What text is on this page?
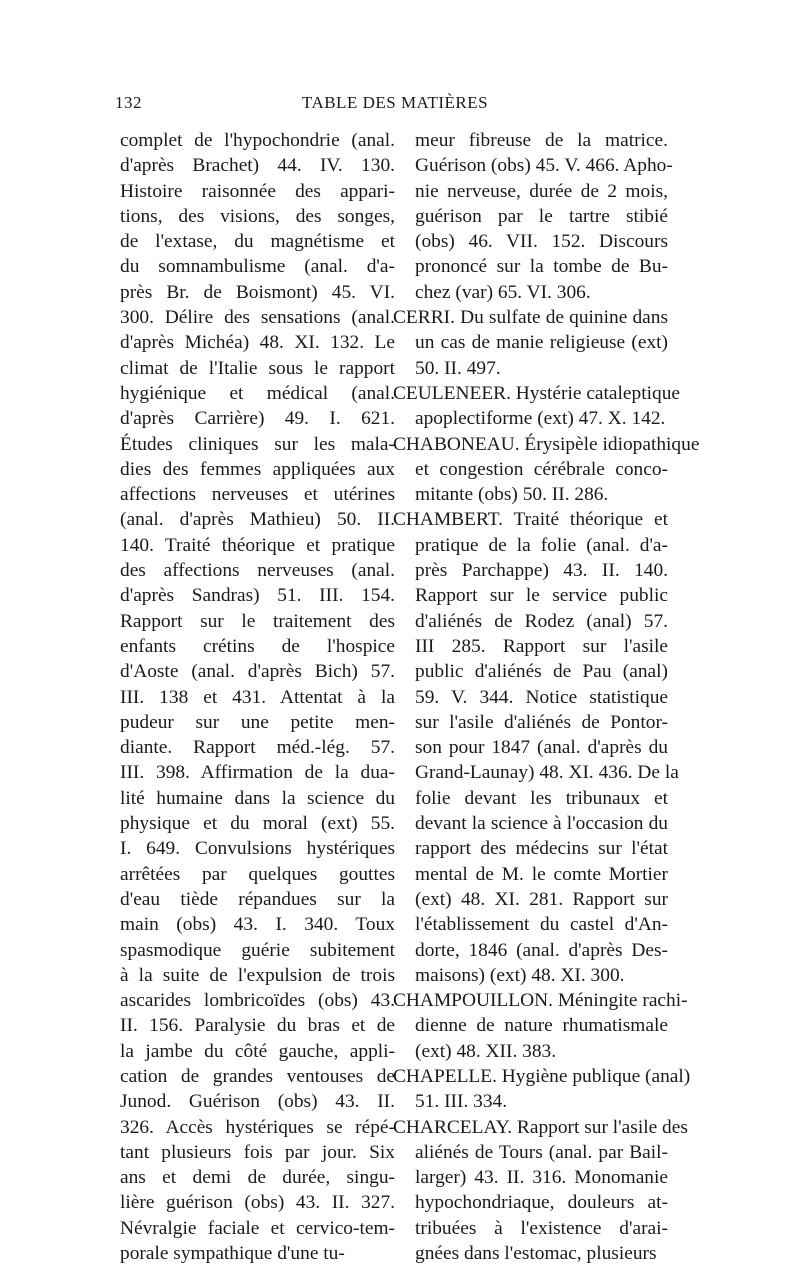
132	TABLE DES MATIÈRES
complet de l'hypochondrie (anal.
d'après Brachet) 44. IV. 130.
Histoire raisonnée des appari-
tions, des visions, des songes,
de l'extase, du magnétisme et
du somnambulisme (anal. d'a-
près Br. de Boismont) 45. VI.
300. Délire des sensations (anal.
d'après Michéa) 48. XI. 132. Le
climat de l'Italie sous le rapport
hygiénique et médical (anal.
d'après Carrière) 49. I. 621.
Études cliniques sur les mala-
dies des femmes appliquées aux
affections nerveuses et utérines
(anal. d'après Mathieu) 50. II.
140. Traité théorique et pratique
des affections nerveuses (anal.
d'après Sandras) 51. III. 154.
Rapport sur le traitement des
enfants crétins de l'hospice
d'Aoste (anal. d'après Bich) 57.
III. 138 et 431. Attentat à la
pudeur sur une petite men-
diante. Rapport méd.-lég. 57.
III. 398. Affirmation de la dua-
lité humaine dans la science du
physique et du moral (ext) 55.
I. 649. Convulsions hystériques
arrêtées par quelques gouttes
d'eau tiède répandues sur la
main (obs) 43. I. 340. Toux
spasmodique guérie subitement
à la suite de l'expulsion de trois
ascarides lombricoïdes (obs) 43.
II. 156. Paralysie du bras et de
la jambe du côté gauche, appli-
cation de grandes ventouses de
Junod. Guérison (obs) 43. II.
326. Accès hystériques se répé-
tant plusieurs fois par jour. Six
ans et demi de durée, singu-
lière guérison (obs) 43. II. 327.
Névralgie faciale et cervico-tem-
porale sympathique d'une tu-
meur fibreuse de la matrice.
Guérison (obs) 45. V. 466. Apho-
nie nerveuse, durée de 2 mois,
guérison par le tartre stibié
(obs) 46. VII. 152. Discours
prononcé sur la tombe de Bu-
chez (var) 65. VI. 306.
CERRI. Du sulfate de quinine dans
un cas de manie religieuse (ext)
50. II. 497.
CEULENEER. Hystérie cataleptique
apoplectiforme (ext) 47. X. 142.
CHABONEAU. Érysipèle idiopathique
et congestion cérébrale conco-
mitante (obs) 50. II. 286.
CHAMBERT. Traité théorique et
pratique de la folie (anal. d'a-
près Parchappe) 43. II. 140.
Rapport sur le service public
d'aliénés de Rodez (anal) 57.
III 285. Rapport sur l'asile
public d'aliénés de Pau (anal)
59. V. 344. Notice statistique
sur l'asile d'aliénés de Pontor-
son pour 1847 (anal. d'après du
Grand-Launay) 48. XI. 436. De la
folie devant les tribunaux et
devant la science à l'occasion du
rapport des médecins sur l'état
mental de M. le comte Mortier
(ext) 48. XI. 281. Rapport sur
l'établissement du castel d'An-
dorte, 1846 (anal. d'après Des-
maisons) (ext) 48. XI. 300.
CHAMPOUILLON. Méningite rachi-
dienne de nature rhumatismale
(ext) 48. XII. 383.
CHAPELLE. Hygiène publique (anal)
51. III. 334.
CHARCELAY. Rapport sur l'asile des
aliénés de Tours (anal. par Bail-
larger) 43. II. 316. Monomanie
hypochondriaque, douleurs at-
tribuées à l'existence d'arai-
gnées dans l'estomac, plusieurs
